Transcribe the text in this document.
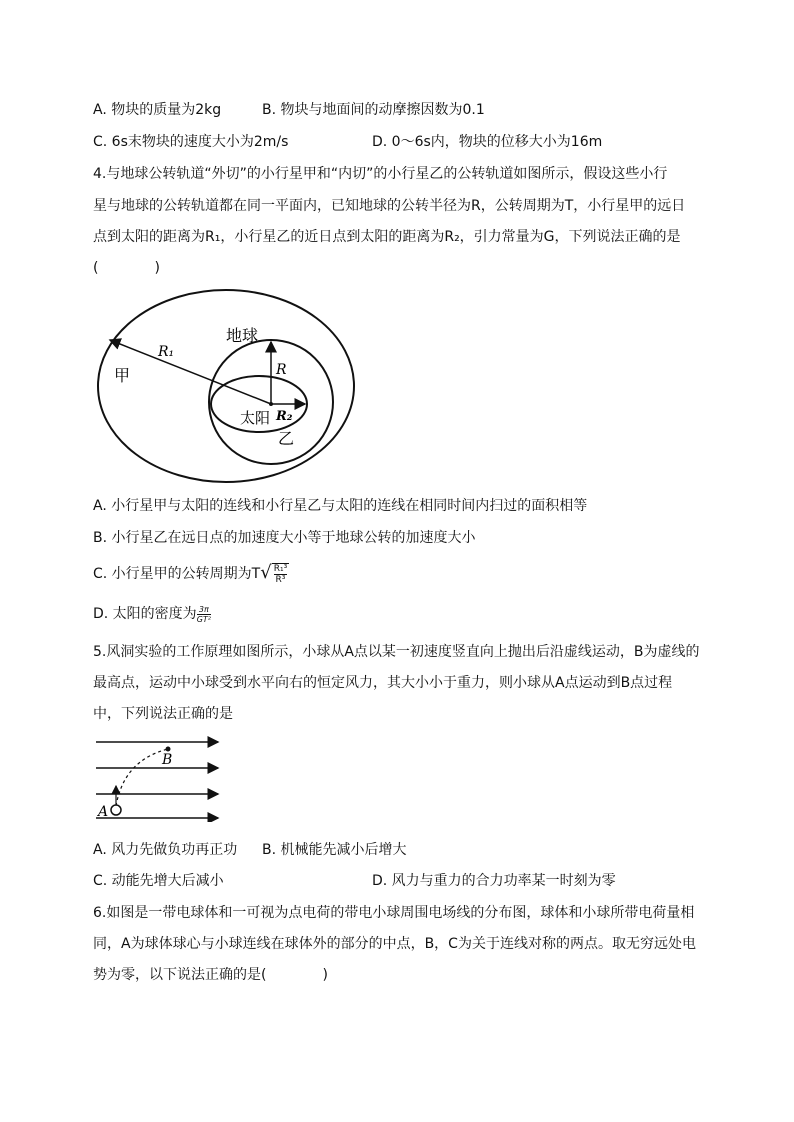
A. 物块的质量为2kg	B. 物块与地面间的动摩擦因数为0.1
C. 6s末物块的速度大小为2m/s	D. 0～6s内，物块的位移大小为16m
4.与地球公转轨道“外切”的小行星甲和“内切”的小行星乙的公转轨道如图所示，假设这些小行
星与地球的公转轨道都在同一平面内，已知地球的公转半径为R，公转周期为T，小行星甲的远日
点到太阳的距离为R₁，小行星乙的近日点到太阳的距离为R₂，引力常量为G，下列说法正确的是
(　　　　)
地球
R₁
甲	R
太阳 R₂
乙
A. 小行星甲与太阳的连线和小行星乙与太阳的连线在相同时间内扫过的面积相等
B. 小行星乙在远日点的加速度大小等于地球公转的加速度大小
C. 小行星甲的公转周期为$T√ \frac{\text{R₁³}}{\text{R³}}$
D. 太阳的密度为 $\frac{3\pi}{\text{GT²}}$
5.风洞实验的工作原理如图所示，小球从A点以某一初速度竖直向上抛出后沿虚线运动，B为虚线的
最高点，运动中小球受到水平向右的恒定风力，其大小小于重力，则小球从A点运动到B点过程
中，下列说法正确的是
B
A
A. 风力先做负功再正功 B. 机械能先减小后增大
C. 动能先增大后减小	D. 风力与重力的合力功率某一时刻为零
6.如图是一带电球体和一可视为点电荷的带电小球周围电场线的分布图，球体和小球所带电荷量相
同，A为球体球心与小球连线在球体外的部分的中点，B，C为关于连线对称的两点。取无穷远处电
势为零，以下说法正确的是(　　　　)
